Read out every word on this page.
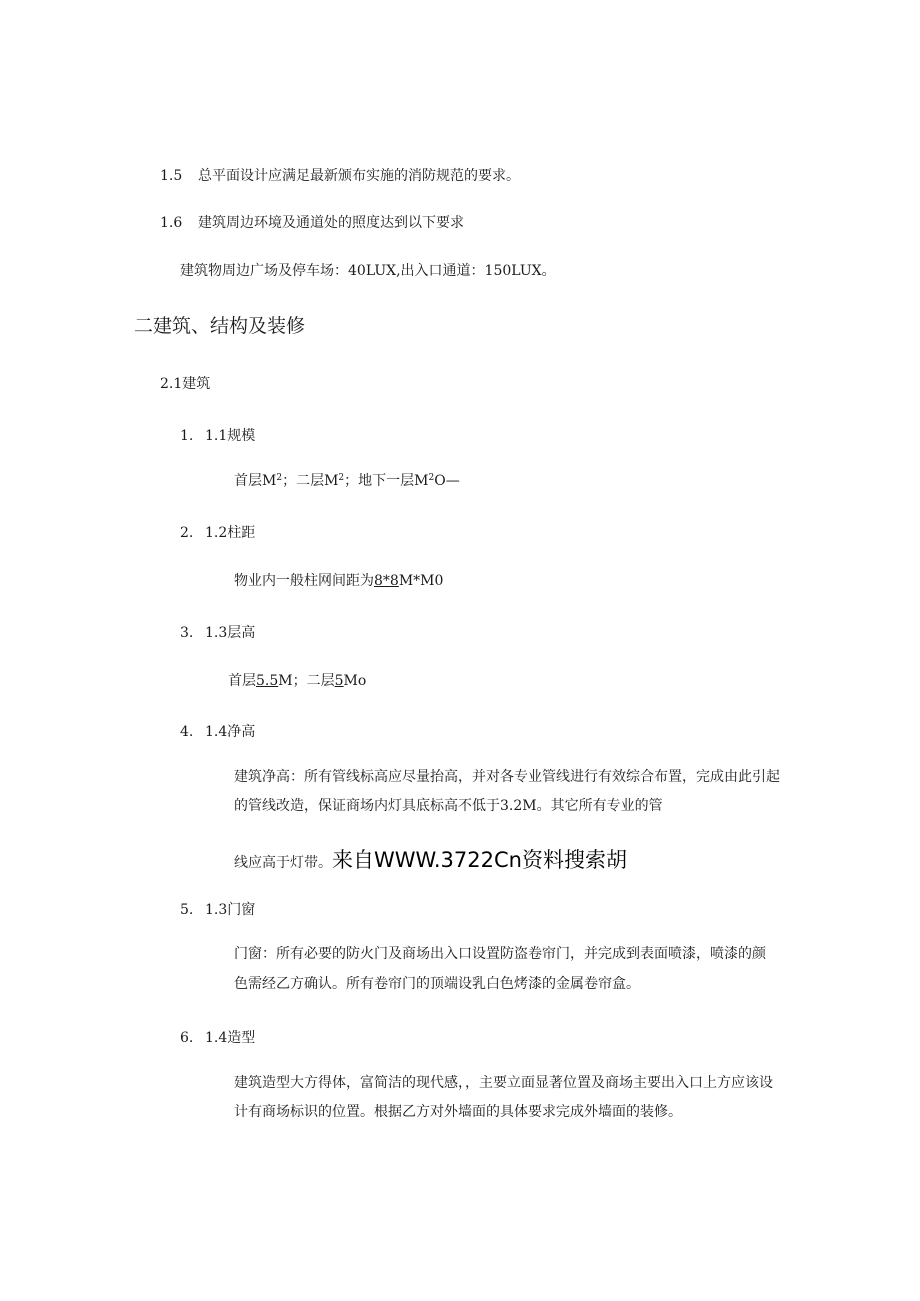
1.5 总平面设计应满足最新颁布实施的消防规范的要求。
1.6 建筑周边环境及通道处的照度达到以下要求
建筑物周边广场及停车场：40LUX,出入口通道：150LUX。
二建筑、结构及装修
2.1建筑
1. 1.1规模
首层$M^2$；二层$M^2$；地下一层$M^2O—$
2. 1.2柱距
物业内一般柱网间距为8*8M*M0
3. 1.3层高
首层5.5M；二层5Mo
4. 1.4净高
建筑净高：所有管线标高应尽量抬高，并对各专业管线进行有效综合布置，完成由此引起
的管线改造，保证商场内灯具底标高不低于3.2M。其它所有专业的管
线应高于灯带。来自WWW.3722Cn资料搜索胡
5. 1.3门窗
门窗：所有必要的防火门及商场出入口设置防盗卷帘门，并完成到表面喷漆，喷漆的颜
色需经乙方确认。所有卷帘门的顶端设乳白色烤漆的金属卷帘盒。
6. 1.4造型
建筑造型大方得体，富简洁的现代感，，主要立面显著位置及商场主要出入口上方应该设
计有商场标识的位置。根据乙方对外墙面的具体要求完成外墙面的装修。
